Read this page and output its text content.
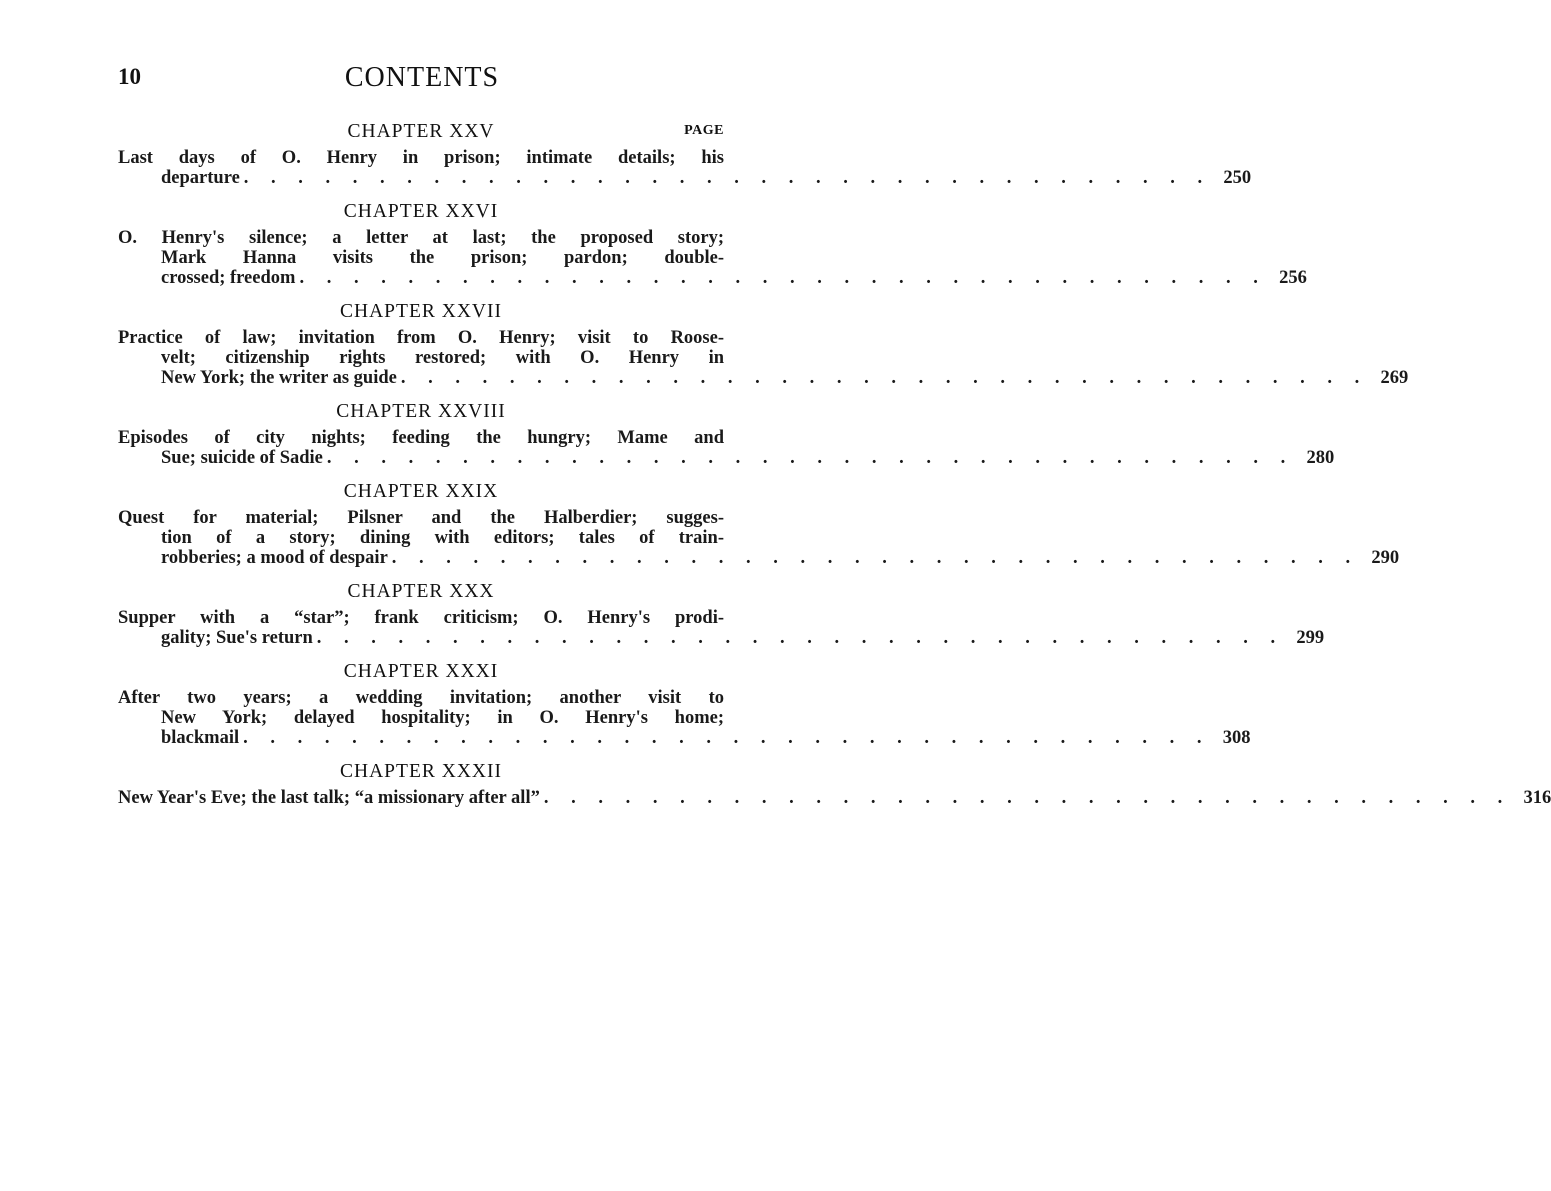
10	CONTENTS
PAGE
CHAPTER XXV
Last days of O. Henry in prison; intimate details; his
departure . . . . . . . . . . . . . . . . . . . . . . . . . . . . . . . . . . . . 250
CHAPTER XXVI
O. Henry's silence; a letter at last; the proposed story;
Mark Hanna visits the prison; pardon; double-
crossed; freedom . . . . . . . . . . . . . . . . . . . . . . . . . . . . . . . . . . . . 256
CHAPTER XXVII
Practice of law; invitation from O. Henry; visit to Roose-
velt; citizenship rights restored; with O. Henry in
New York; the writer as guide . . . . . . . . . . . . . . . . . . . . . . . . . . . . . . . . . . . . 269
CHAPTER XXVIII
Episodes of city nights; feeding the hungry; Mame and
Sue; suicide of Sadie . . . . . . . . . . . . . . . . . . . . . . . . . . . . . . . . . . . . 280
CHAPTER XXIX
Quest for material; Pilsner and the Halberdier; sugges-
tion of a story; dining with editors; tales of train-
robberies; a mood of despair . . . . . . . . . . . . . . . . . . . . . . . . . . . . . . . . . . . . 290
CHAPTER XXX
Supper with a “star”; frank criticism; O. Henry's prodi-
gality; Sue's return . . . . . . . . . . . . . . . . . . . . . . . . . . . . . . . . . . . . 299
CHAPTER XXXI
After two years; a wedding invitation; another visit to
New York; delayed hospitality; in O. Henry's home;
blackmail . . . . . . . . . . . . . . . . . . . . . . . . . . . . . . . . . . . . 308
CHAPTER XXXII
New Year's Eve; the last talk; “a missionary after all” . . . . . . . . . . . . . . . . . . . . . . . . . . . . . . . . . . . . 316
